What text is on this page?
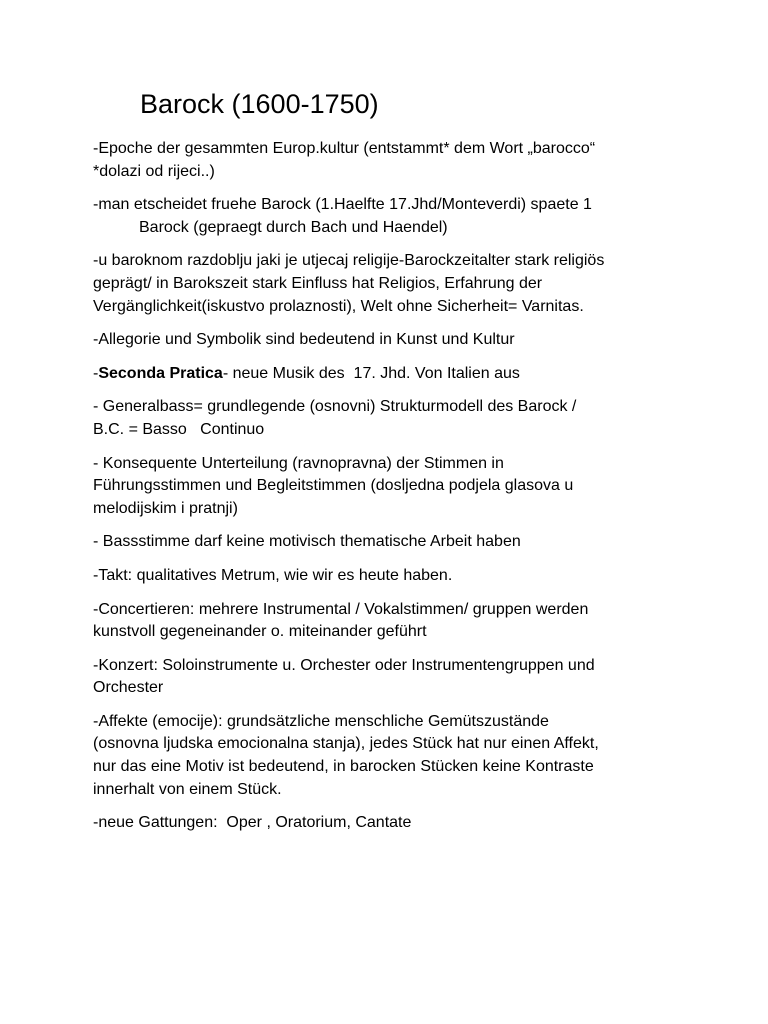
Barock (1600-1750)

-Epoche der gesammten Europ.kultur (entstammt* dem Wort „barocco“
*dolazi od rijeci..)

-man etscheidet fruehe Barock (1.Haelfte 17.Jhd/Monteverdi) spaete 1
Barock (gepraegt durch Bach und Haendel)

-u baroknom razdoblju jaki je utjecaj religije-Barockzeitalter stark religiös
geprägt/ in Barokszeit stark Einfluss hat Religios, Erfahrung der
Vergänglichkeit(iskustvo prolaznosti), Welt ohne Sicherheit= Varnitas.

-Allegorie und Symbolik sind bedeutend in Kunst und Kultur

-Seconda Pratica- neue Musik des  17. Jhd. Von Italien aus

- Generalbass= grundlegende (osnovni) Strukturmodell des Barock /
B.C. = Basso   Continuo

- Konsequente Unterteilung (ravnopravna) der Stimmen in
Führungsstimmen und Begleitstimmen (dosljedna podjela glasova u
melodijskim i pratnji)

- Bassstimme darf keine motivisch thematische Arbeit haben

-Takt: qualitatives Metrum, wie wir es heute haben.

-Concertieren: mehrere Instrumental / Vokalstimmen/ gruppen werden
kunstvoll gegeneinander o. miteinander geführt

-Konzert: Soloinstrumente u. Orchester oder Instrumentengruppen und
Orchester

-Affekte (emocije): grundsätzliche menschliche Gemütszustände
(osnovna ljudska emocionalna stanja), jedes Stück hat nur einen Affekt,
nur das eine Motiv ist bedeutend, in barocken Stücken keine Kontraste
innerhalt von einem Stück.

-neue Gattungen:  Oper , Oratorium, Cantate
